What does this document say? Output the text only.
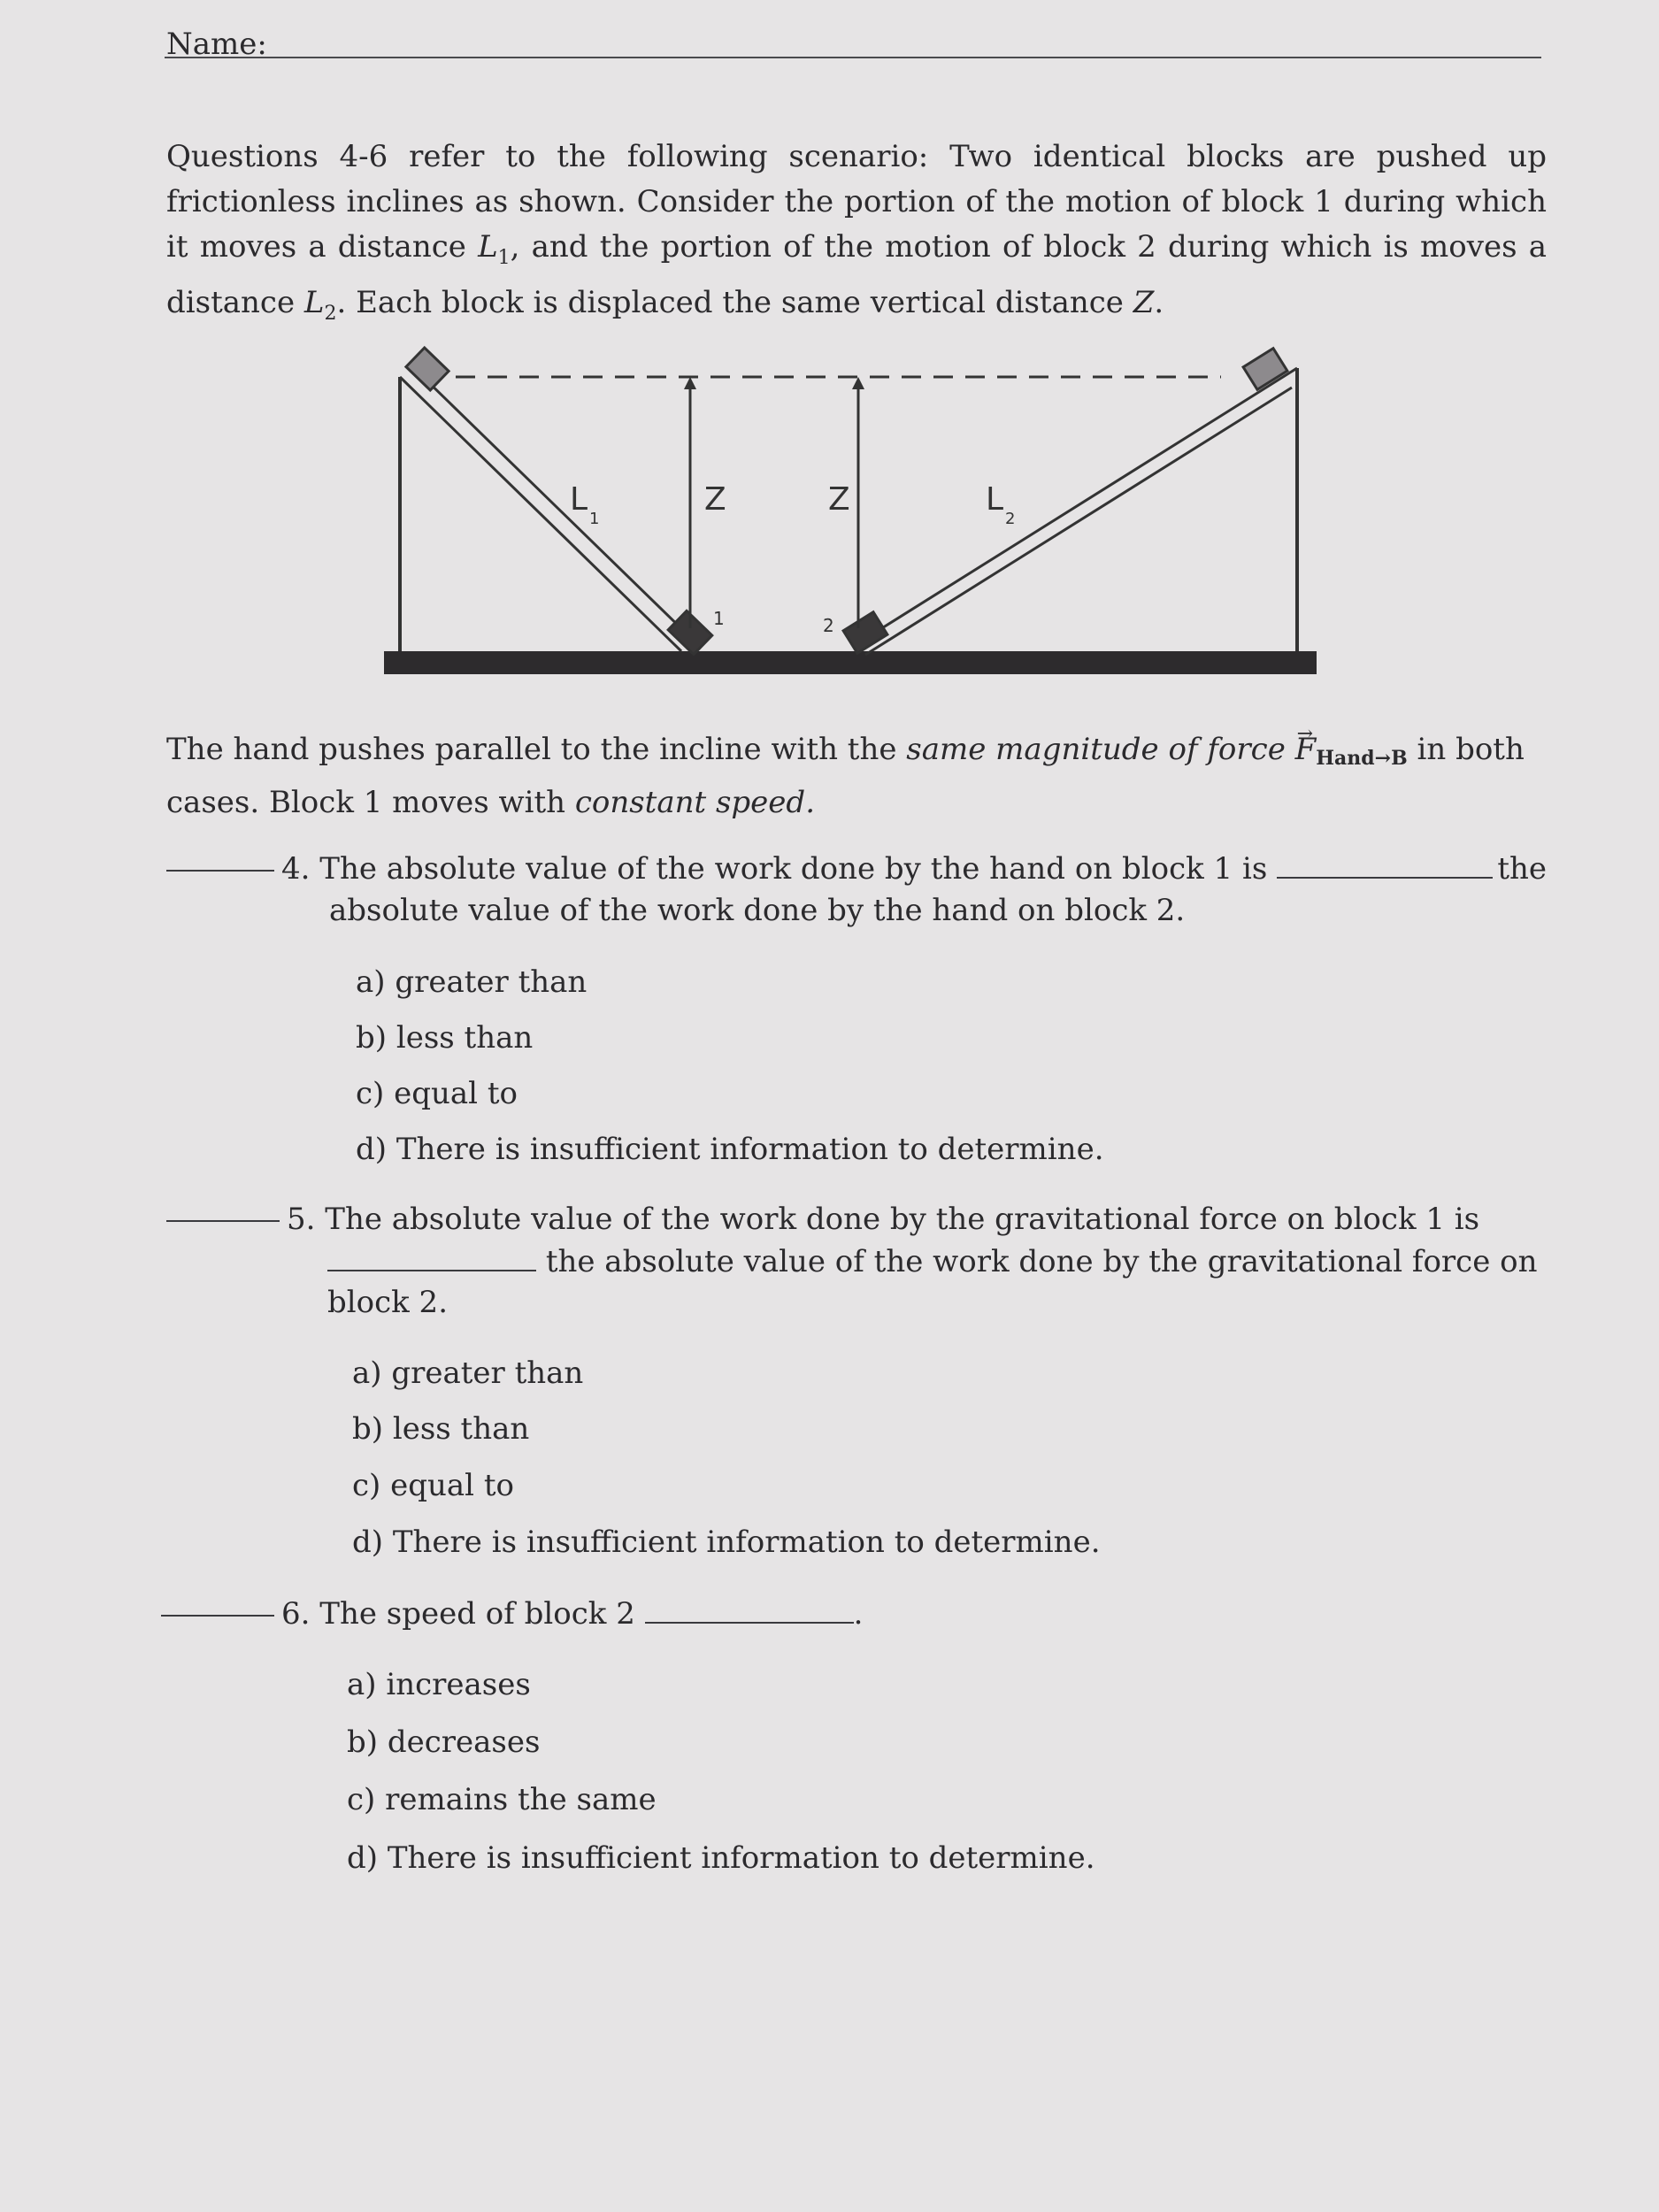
Name:
Questions 4-6 refer to the following scenario: Two identical blocks are pushed up frictionless inclines as shown. Consider the portion of the motion of block 1 during which it moves a distance $L_1$, and the portion of the motion of block 2 during which is moves a distance $L_2$. Each block is displaced the same vertical distance Z.
L
1
Z	Z	L
2
1	2
The hand pushes parallel to the incline with the same magnitude of force → $F_{Hand\to B}$ in both cases. Block 1 moves with constant speed.
4. The absolute value of the work done by the hand on block 1 is	the
absolute value of the work done by the hand on block 2.
a) greater than
b) less than
c) equal to
d) There is insufficient information to determine.
5. The absolute value of the work done by the gravitational force on block 1 is
the absolute value of the work done by the gravitational force on
block 2.
a) greater than
b) less than
c) equal to
d) There is insufficient information to determine.
6. The speed of block 2	.
a) increases
b) decreases
c) remains the same
d) There is insufficient information to determine.
